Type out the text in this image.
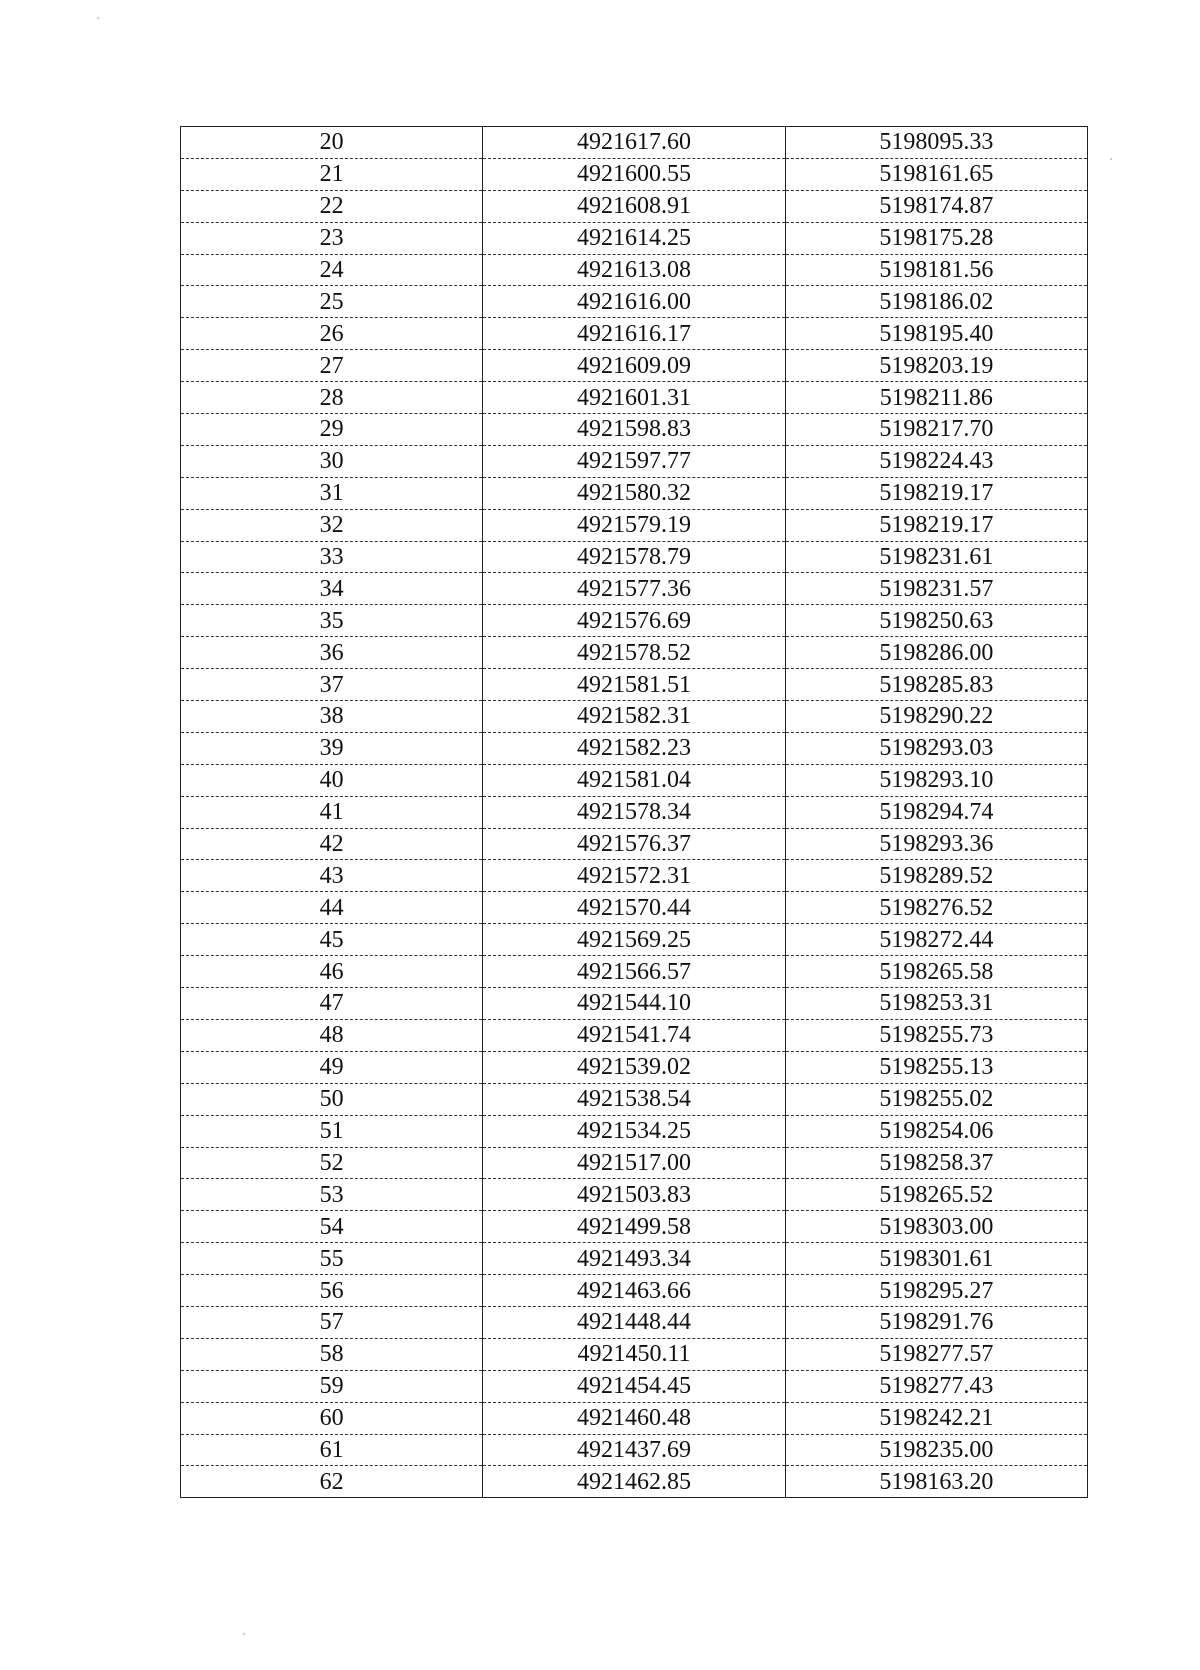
20	4921617.60	5198095.33
21	4921600.55	5198161.65
22	4921608.91	5198174.87
23	4921614.25	5198175.28
24	4921613.08	5198181.56
25	4921616.00	5198186.02
26	4921616.17	5198195.40
27	4921609.09	5198203.19
28	4921601.31	5198211.86
29	4921598.83	5198217.70
30	4921597.77	5198224.43
31	4921580.32	5198219.17
32	4921579.19	5198219.17
33	4921578.79	5198231.61
34	4921577.36	5198231.57
35	4921576.69	5198250.63
36	4921578.52	5198286.00
37	4921581.51	5198285.83
38	4921582.31	5198290.22
39	4921582.23	5198293.03
40	4921581.04	5198293.10
41	4921578.34	5198294.74
42	4921576.37	5198293.36
43	4921572.31	5198289.52
44	4921570.44	5198276.52
45	4921569.25	5198272.44
46	4921566.57	5198265.58
47	4921544.10	5198253.31
48	4921541.74	5198255.73
49	4921539.02	5198255.13
50	4921538.54	5198255.02
51	4921534.25	5198254.06
52	4921517.00	5198258.37
53	4921503.83	5198265.52
54	4921499.58	5198303.00
55	4921493.34	5198301.61
56	4921463.66	5198295.27
57	4921448.44	5198291.76
58	4921450.11	5198277.57
59	4921454.45	5198277.43
60	4921460.48	5198242.21
61	4921437.69	5198235.00
62	4921462.85	5198163.20
